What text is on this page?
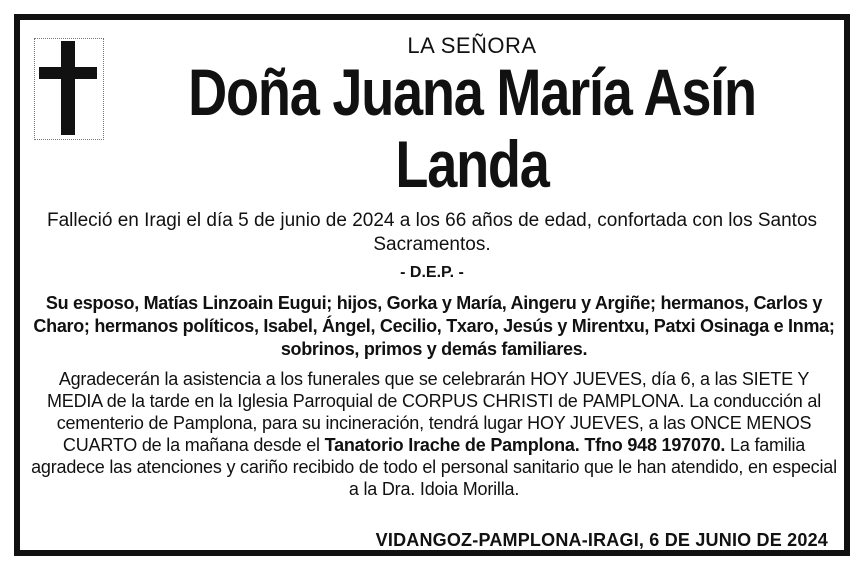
LA SEÑORA
Doña Juana María Asín Landa
Falleció en Iragi el día 5 de junio de 2024 a los 66 años de edad, confortada con los Santos Sacramentos.
- D.E.P. -
Su esposo, Matías Linzoain Eugui; hijos, Gorka y María, Aingeru y Argiñe; hermanos, Carlos y Charo; hermanos políticos, Isabel, Ángel, Cecilio, Txaro, Jesús y Mirentxu, Patxi Osinaga e Inma; sobrinos, primos y demás familiares.
Agradecerán la asistencia a los funerales que se celebrarán HOY JUEVES, día 6, a las SIETE Y MEDIA de la tarde en la Iglesia Parroquial de CORPUS CHRISTI de PAMPLONA. La conducción al cementerio de Pamplona, para su incineración, tendrá lugar HOY JUEVES, a las ONCE MENOS CUARTO de la mañana desde el Tanatorio Irache de Pamplona. Tfno 948 197070. La familia agradece las atenciones y cariño recibido de todo el personal sanitario que le han atendido, en especial a la Dra. Idoia Morilla.
VIDANGOZ-PAMPLONA-IRAGI, 6 DE JUNIO DE 2024
